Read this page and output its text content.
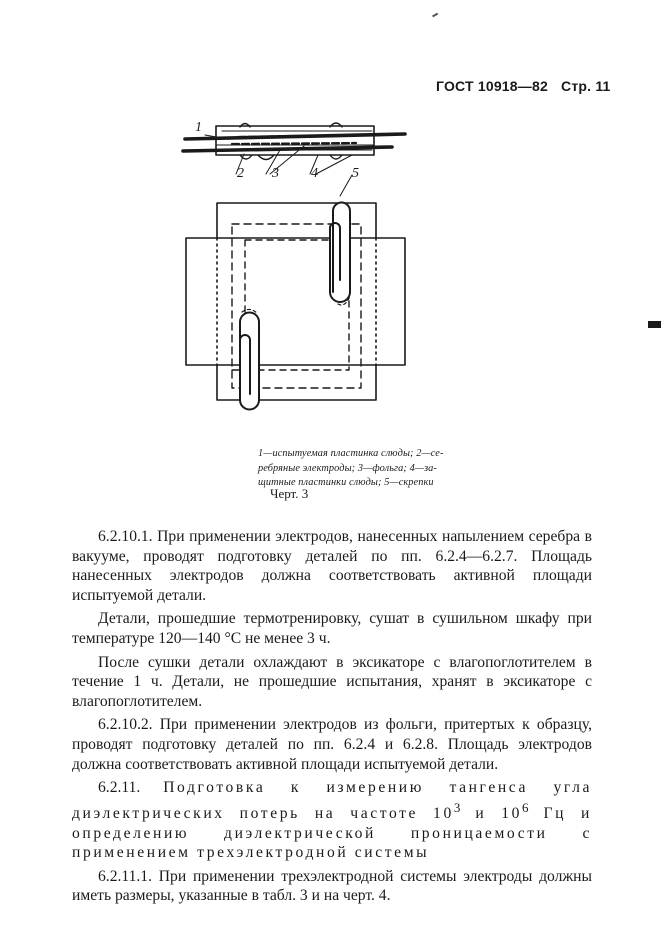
ГОСТ 10918—82 Стр. 11
1
2 3 4 5
1—испытуемая пластинка слюды; 2—се-
ребряные электроды; 3—фольга; 4—за-
щитные пластинки слюды; 5—скрепки
Черт. 3

6.2.10.1. При применении электродов, нанесенных напылением серебра в вакууме, проводят подготовку деталей по пп. 6.2.4—6.2.7. Площадь нанесенных электродов должна соответствовать активной площади испытуемой детали.

Детали, прошедшие термотренировку, сушат в сушильном шкафу при температуре 120—140 °С не менее 3 ч.

После сушки детали охлаждают в эксикаторе с влагопоглотителем в течение 1 ч. Детали, не прошедшие испытания, хранят в эксикаторе с влагопоглотителем.

6.2.10.2. При применении электродов из фольги, притертых к образцу, проводят подготовку деталей по пп. 6.2.4 и 6.2.8. Площадь электродов должна соответствовать активной площади испытуемой детали.

6.2.11. Подготовка к измерению тангенса угла диэлектрических потерь на частоте $10^3$ и $10^6$ Гц и определению диэлектрической проницаемости с применением трехэлектродной системы

6.2.11.1. При применении трехэлектродной системы электроды должны иметь размеры, указанные в табл. 3 и на черт. 4.
